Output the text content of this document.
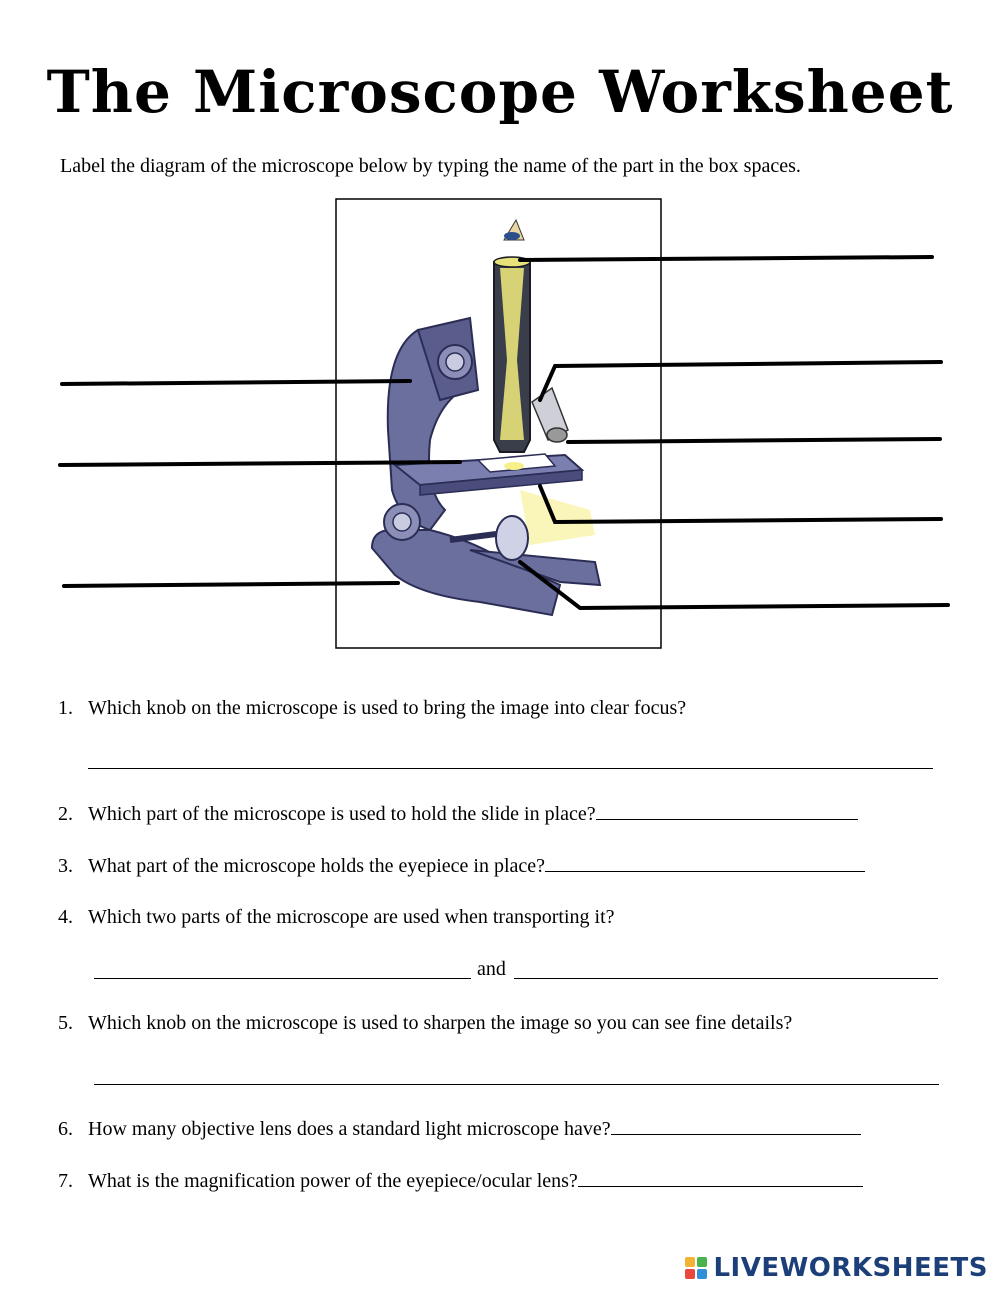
The Microscope Worksheet
Label the diagram of the microscope below by typing the name of the part in the box spaces.
1. Which knob on the microscope is used to bring the image into clear focus?
2. Which part of the microscope is used to hold the slide in place?
3. What part of the microscope holds the eyepiece in place?
4. Which two parts of the microscope are used when transporting it?
and
5. Which knob on the microscope is used to sharpen the image so you can see fine details?
6. How many objective lens does a standard light microscope have?
7. What is the magnification power of the eyepiece/ocular lens?
LIVEWORKSHEETS
